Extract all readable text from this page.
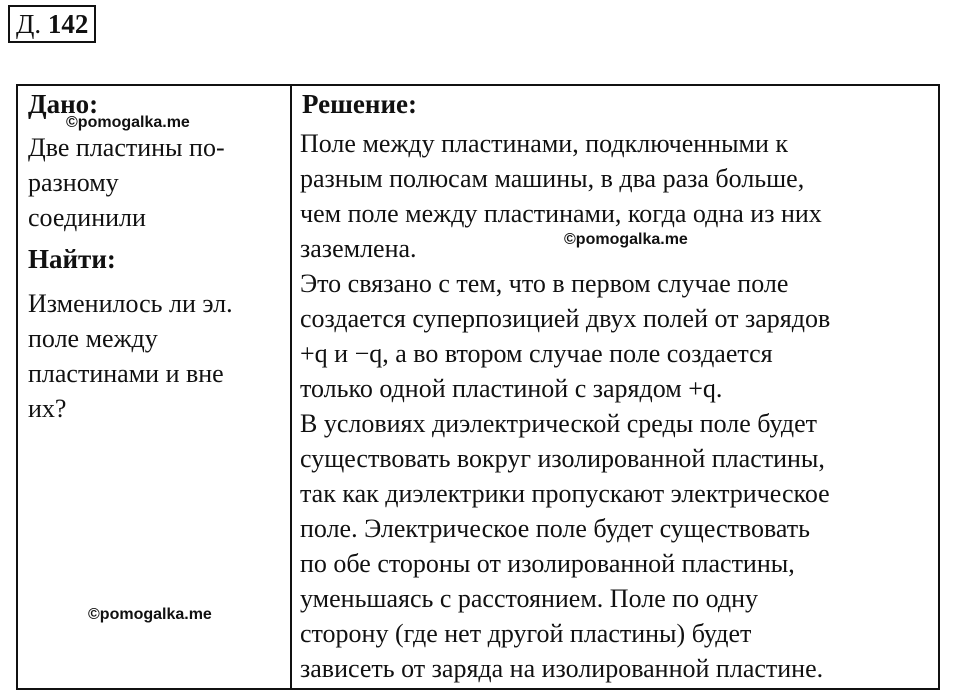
Д. 142
Дано:
©pomogalka.me
Две пластины по-
разному
соединили
Найти:
Изменилось ли эл.
поле между
пластинами и вне
их?
©pomogalka.me
Решение:
Поле между пластинами, подключенными к
разным полюсам машины, в два раза больше,
чем поле между пластинами, когда одна из них
заземлена.
Это связано с тем, что в первом случае поле
создается суперпозицией двух полей от зарядов
+q и −q, а во втором случае поле создается
только одной пластиной с зарядом +q.
В условиях диэлектрической среды поле будет
существовать вокруг изолированной пластины,
так как диэлектрики пропускают электрическое
поле. Электрическое поле будет существовать
по обе стороны от изолированной пластины,
уменьшаясь с расстоянием. Поле по одну
сторону (где нет другой пластины) будет
зависеть от заряда на изолированной пластине.
©pomogalka.me
